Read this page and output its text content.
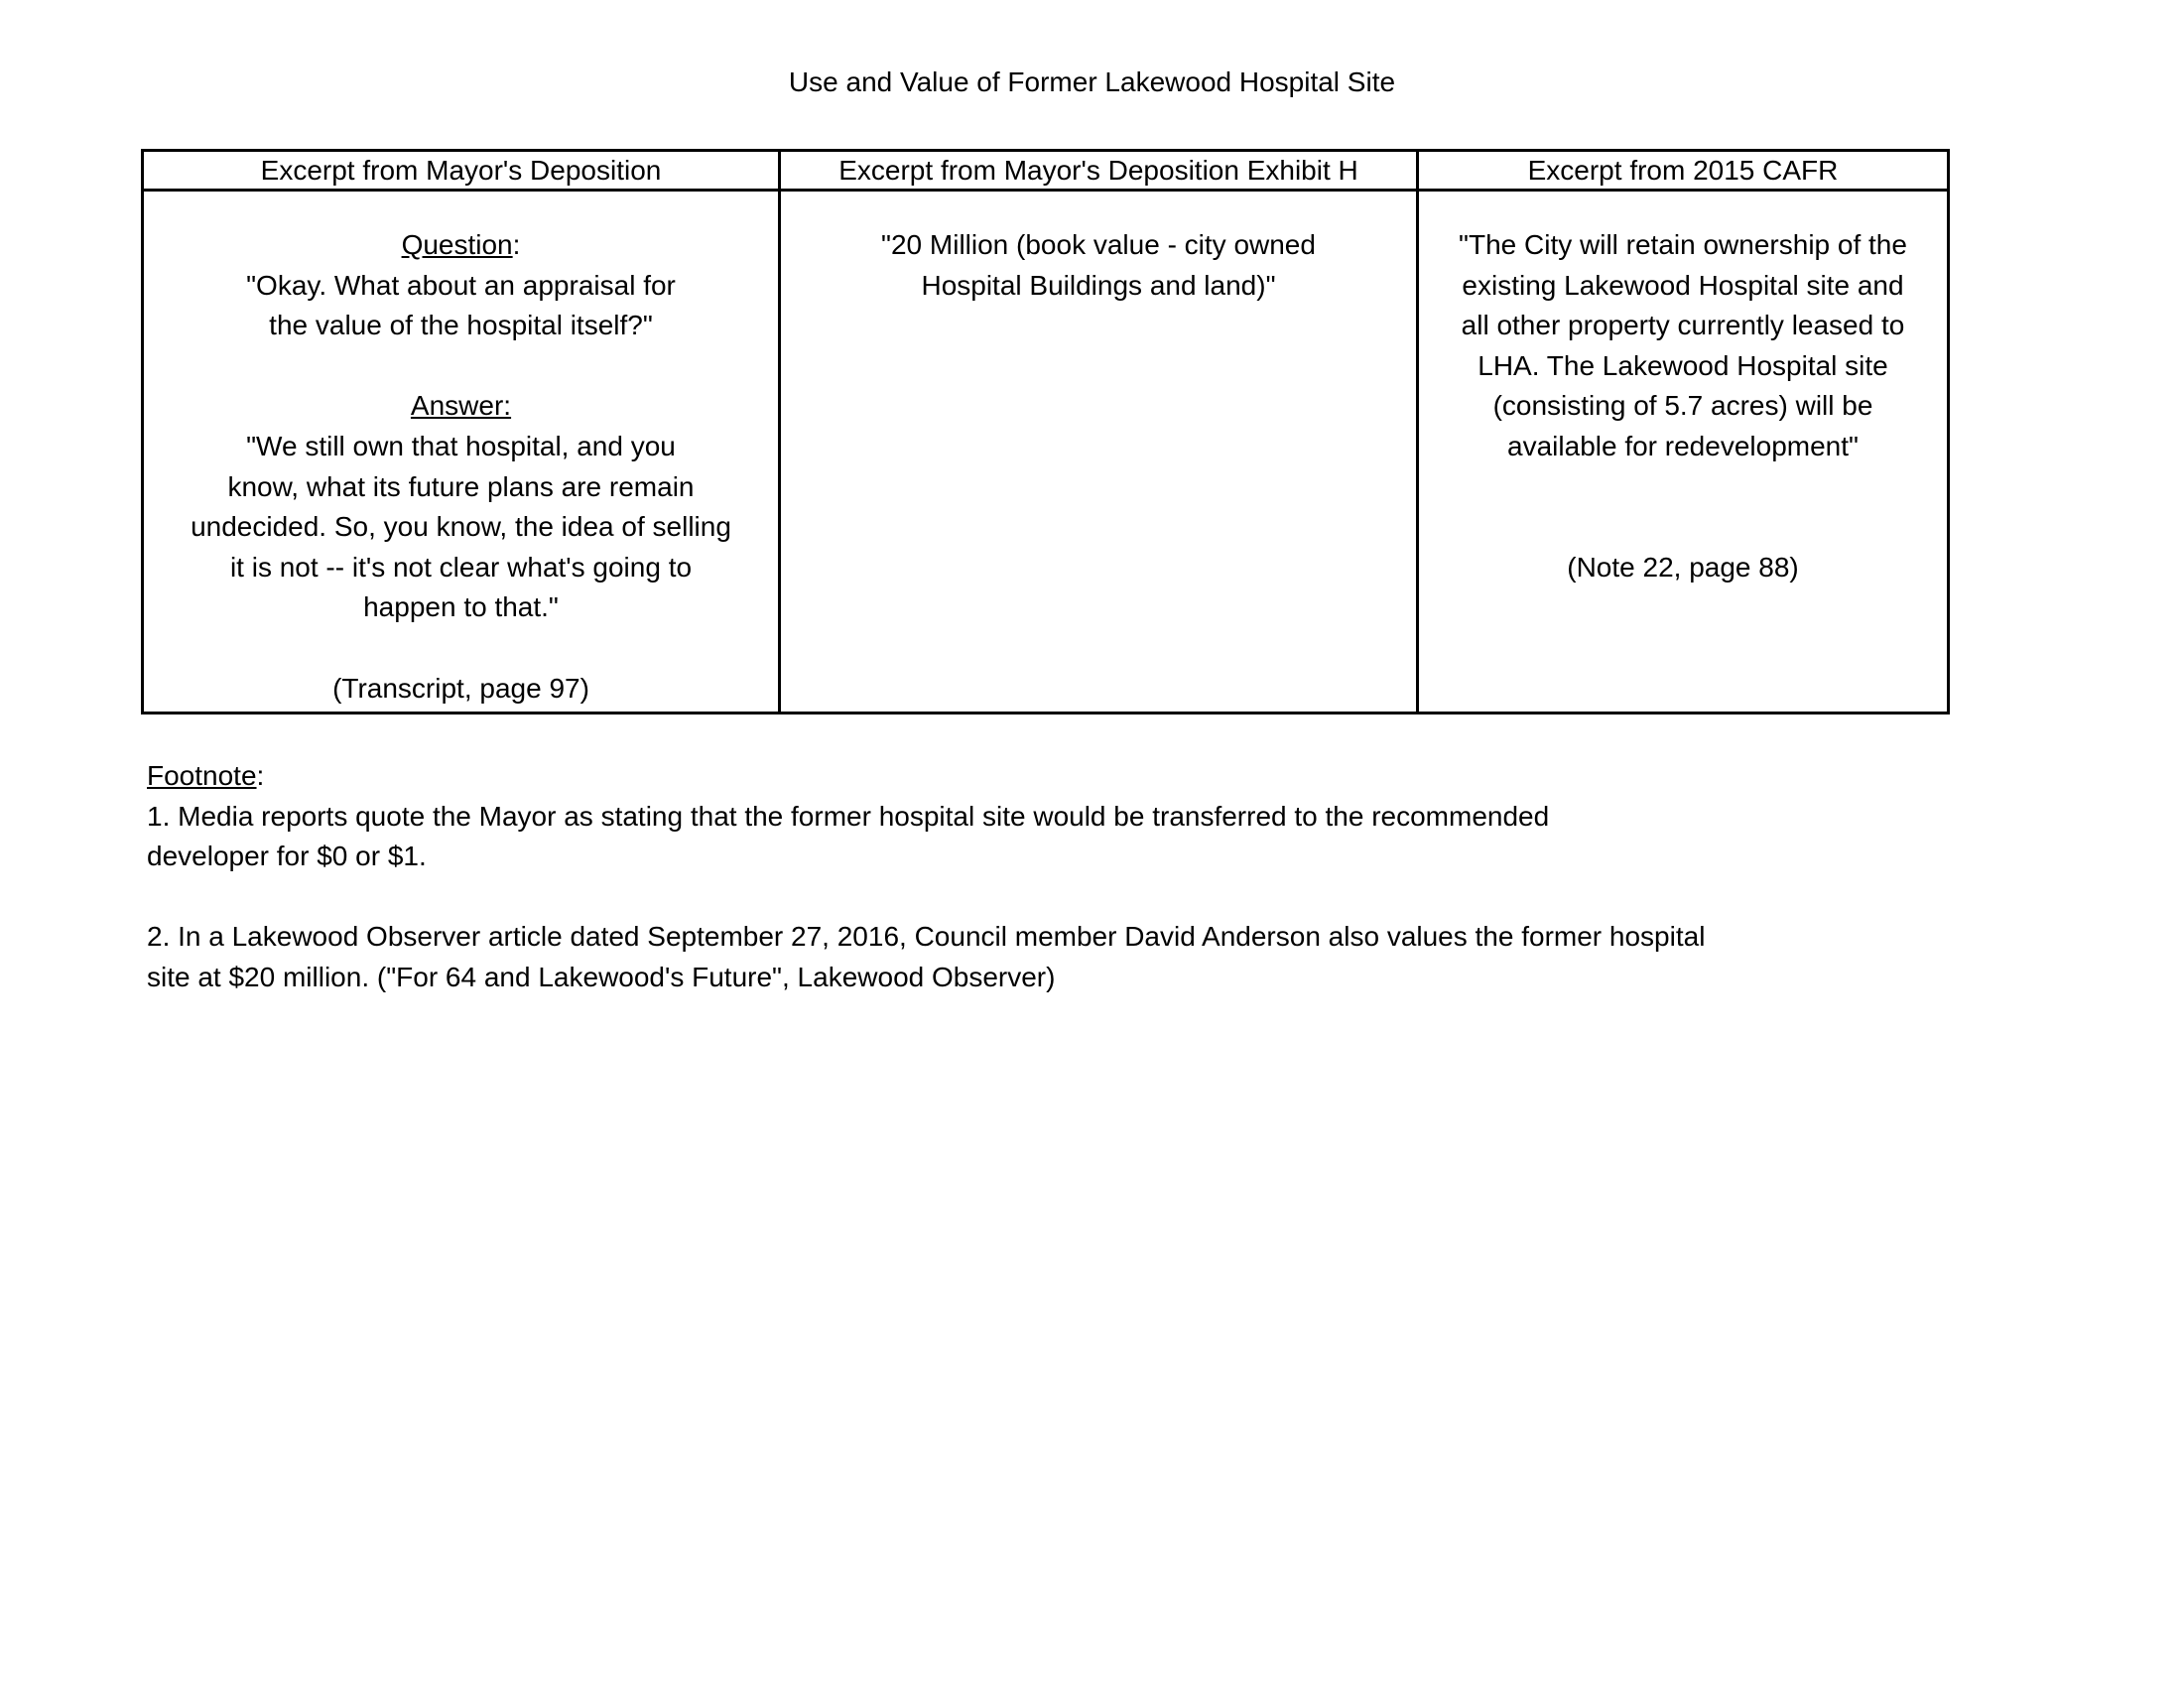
Use and Value of Former Lakewood Hospital Site
Excerpt from Mayor's Deposition	Excerpt from Mayor's Deposition Exhibit H	Excerpt from 2015 CAFR

Question:

"Okay. What about an appraisal for

the value of the hospital itself?"

Answer:

"We still own that hospital, and you

know, what its future plans are remain

undecided. So, you know, the idea of selling

it is not -- it's not clear what's going to

happen to that."

(Transcript, page 97)

"20 Million (book value - city owned

Hospital Buildings and land)"

"The City will retain ownership of the

existing Lakewood Hospital site and

all other property currently leased to

LHA. The Lakewood Hospital site

(consisting of 5.7 acres) will be

available for redevelopment"

(Note 22, page 88)

Footnote:

1. Media reports quote the Mayor as stating that the former hospital site would be transferred to the recommended

developer for $0 or $1.

2. In a Lakewood Observer article dated September 27, 2016, Council member David Anderson also values the former hospital

site at $20 million. ("For 64 and Lakewood's Future", Lakewood Observer)
